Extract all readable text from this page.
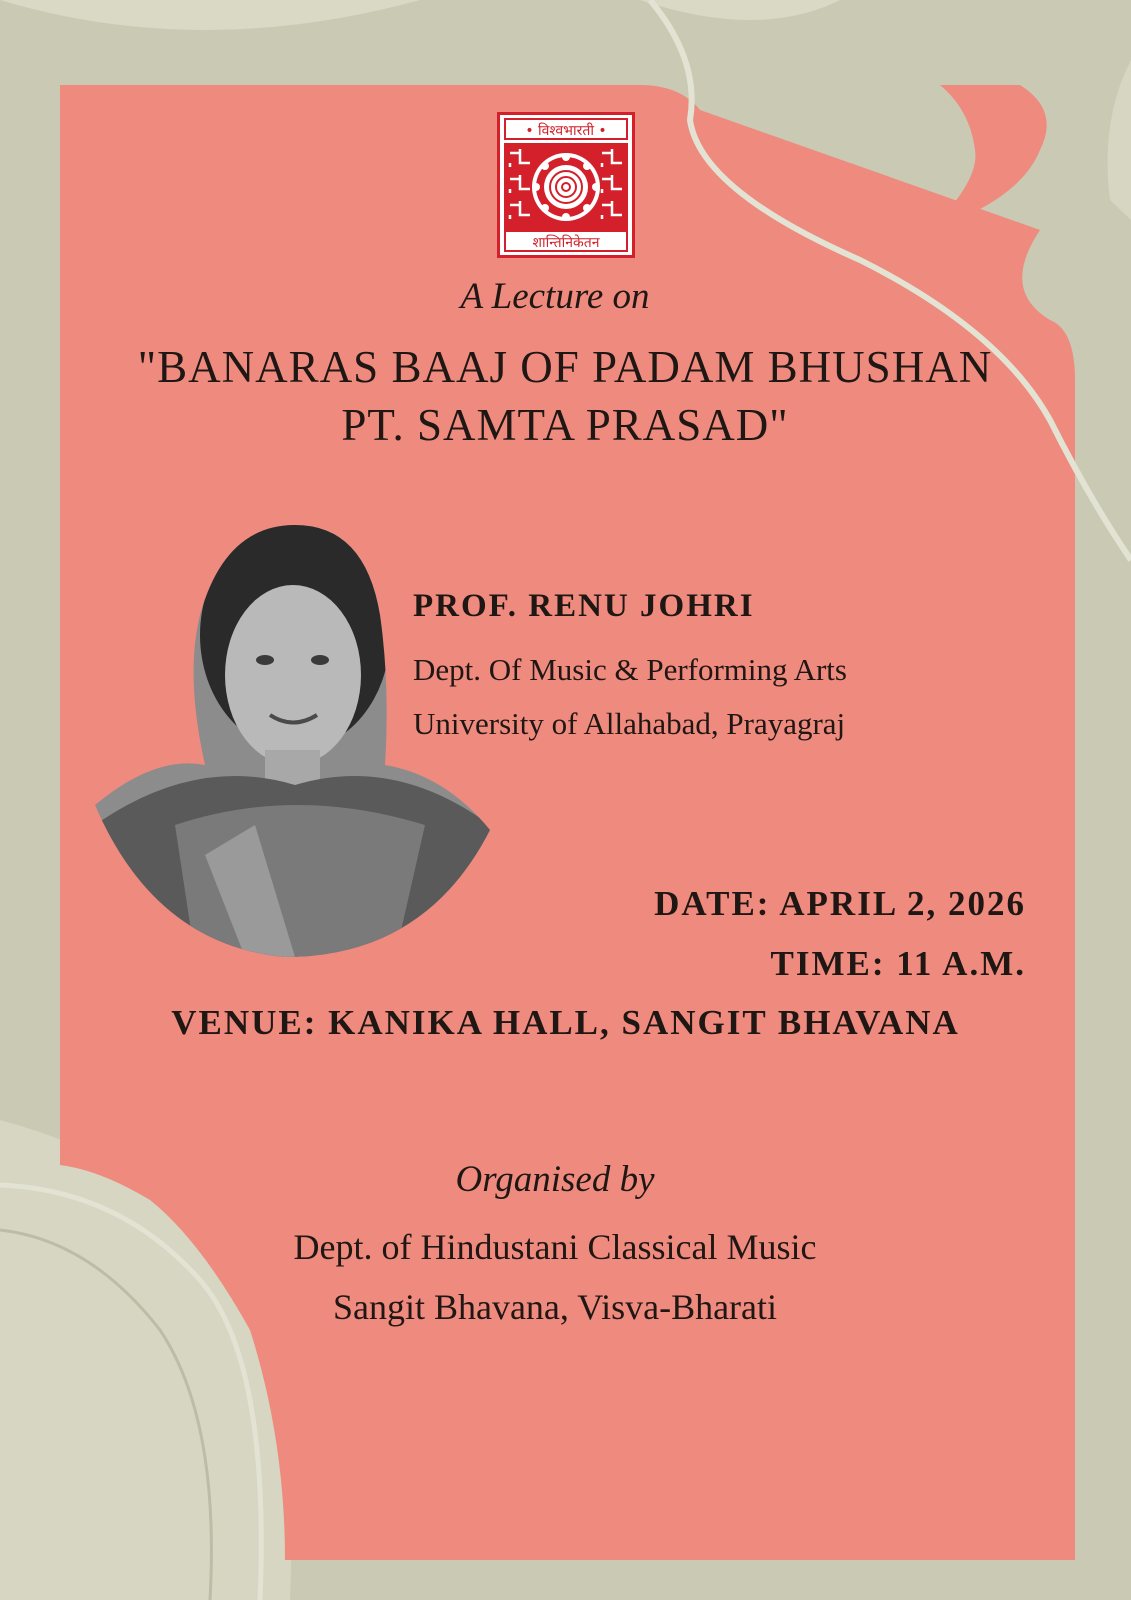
• विश्वभारती •
शान्तिनिकेतन

A Lecture on

"BANARAS BAAJ OF PADAM BHUSHAN
PT. SAMTA PRASAD"
PROF. RENU JOHRI
Dept. Of Music & Performing Arts
University of Allahabad, Prayagraj
DATE: APRIL 2, 2026
TIME: 11 A.M.
VENUE: KANIKA HALL, SANGIT BHAVANA
Organised by
Dept. of Hindustani Classical Music
Sangit Bhavana, Visva-Bharati
